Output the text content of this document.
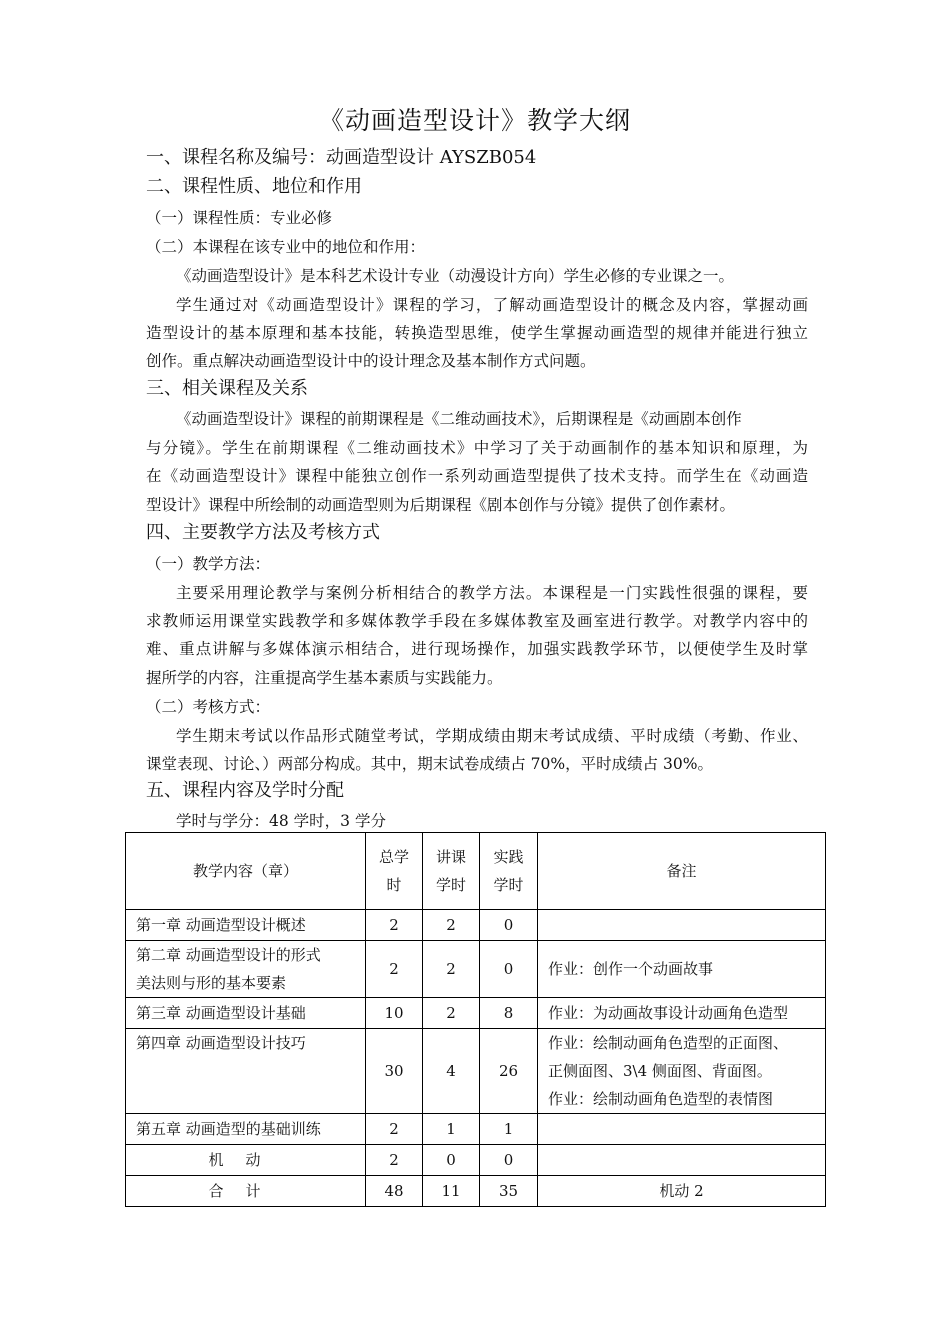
《动画造型设计》教学大纲
一、课程名称及编号：动画造型设计 AYSZB054
二、课程性质、地位和作用
（一）课程性质：专业必修
（二）本课程在该专业中的地位和作用：
《动画造型设计》是本科艺术设计专业（动漫设计方向）学生必修的专业课之一。
学生通过对《动画造型设计》课程的学习，了解动画造型设计的概念及内容，掌握动画
造型设计的基本原理和基本技能，转换造型思维，使学生掌握动画造型的规律并能进行独立
创作。重点解决动画造型设计中的设计理念及基本制作方式问题。
三、相关课程及关系
《动画造型设计》课程的前期课程是《二维动画技术》，后期课程是《动画剧本创作
与分镜》。学生在前期课程《二维动画技术》中学习了关于动画制作的基本知识和原理，为
在《动画造型设计》课程中能独立创作一系列动画造型提供了技术支持。而学生在《动画造
型设计》课程中所绘制的动画造型则为后期课程《剧本创作与分镜》提供了创作素材。
四、主要教学方法及考核方式
（一）教学方法：
主要采用理论教学与案例分析相结合的教学方法。本课程是一门实践性很强的课程，要
求教师运用课堂实践教学和多媒体教学手段在多媒体教室及画室进行教学。对教学内容中的
难、重点讲解与多媒体演示相结合，进行现场操作，加强实践教学环节，以便使学生及时掌
握所学的内容，注重提高学生基本素质与实践能力。
（二）考核方式：
学生期末考试以作品形式随堂考试，学期成绩由期末考试成绩、平时成绩（考勤、作业、
课堂表现、讨论、）两部分构成。其中，期末试卷成绩占 70%，平时成绩占 30%。
五、课程内容及学时分配
学时与学分：48 学时，3 学分
教学内容（章）	总学
时	讲课
学时	实践
学时	备注
第一章 动画造型设计概述	2	2	0	
第二章 动画造型设计的形式
美法则与形的基本要素	2	2	0	作业：创作一个动画故事
第三章 动画造型设计基础	10	2	8	作业：为动画故事设计动画角色造型
第四章 动画造型设计技巧	30	4	26	作业：绘制动画角色造型的正面图、
正侧面图、3\4 侧面图、背面图。
作业：绘制动画角色造型的表情图
第五章 动画造型的基础训练	2	1	1	
机动	2	0	0	
合计	48	11	35	机动 2
